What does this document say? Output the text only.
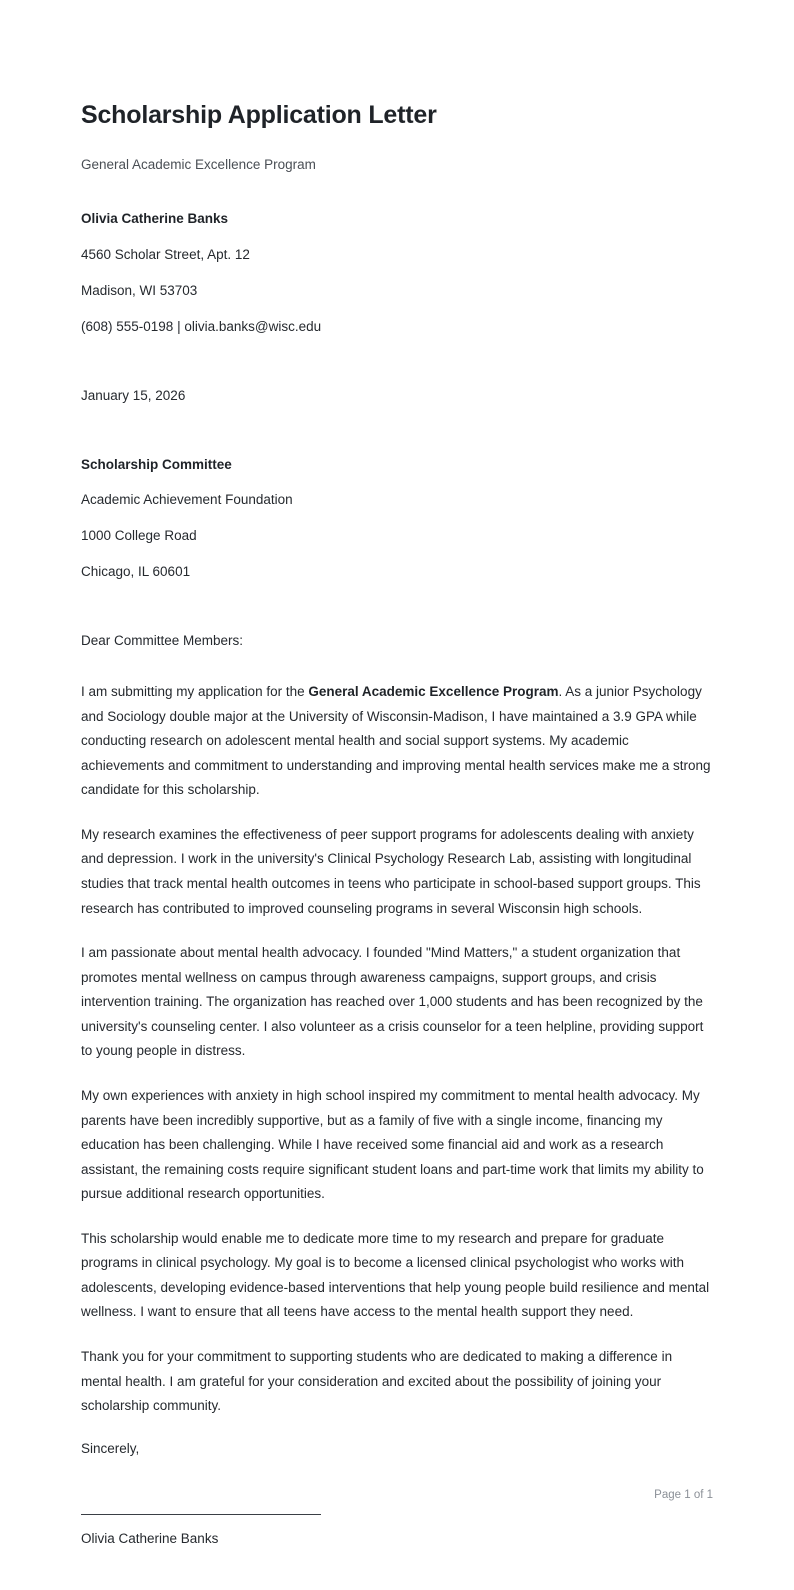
Scholarship Application Letter

General Academic Excellence Program

Olivia Catherine Banks
4560 Scholar Street, Apt. 12
Madison, WI 53703
(608) 555-0198 | olivia.banks@wisc.edu
January 15, 2026
Scholarship Committee
Academic Achievement Foundation
1000 College Road
Chicago, IL 60601

Dear Committee Members:

I am submitting my application for the General Academic Excellence Program. As a junior Psychology and Sociology double major at the University of Wisconsin-Madison, I have maintained a 3.9 GPA while conducting research on adolescent mental health and social support systems. My academic achievements and commitment to understanding and improving mental health services make me a strong candidate for this scholarship.

My research examines the effectiveness of peer support programs for adolescents dealing with anxiety and depression. I work in the university's Clinical Psychology Research Lab, assisting with longitudinal studies that track mental health outcomes in teens who participate in school-based support groups. This research has contributed to improved counseling programs in several Wisconsin high schools.

I am passionate about mental health advocacy. I founded "Mind Matters," a student organization that promotes mental wellness on campus through awareness campaigns, support groups, and crisis intervention training. The organization has reached over 1,000 students and has been recognized by the university's counseling center. I also volunteer as a crisis counselor for a teen helpline, providing support to young people in distress.

My own experiences with anxiety in high school inspired my commitment to mental health advocacy. My parents have been incredibly supportive, but as a family of five with a single income, financing my education has been challenging. While I have received some financial aid and work as a research assistant, the remaining costs require significant student loans and part-time work that limits my ability to pursue additional research opportunities.

This scholarship would enable me to dedicate more time to my research and prepare for graduate programs in clinical psychology. My goal is to become a licensed clinical psychologist who works with adolescents, developing evidence-based interventions that help young people build resilience and mental wellness. I want to ensure that all teens have access to the mental health support they need.

Thank you for your commitment to supporting students who are dedicated to making a difference in mental health. I am grateful for your consideration and excited about the possibility of joining your scholarship community.

Sincerely,

Olivia Catherine Banks

Page 1 of 1
